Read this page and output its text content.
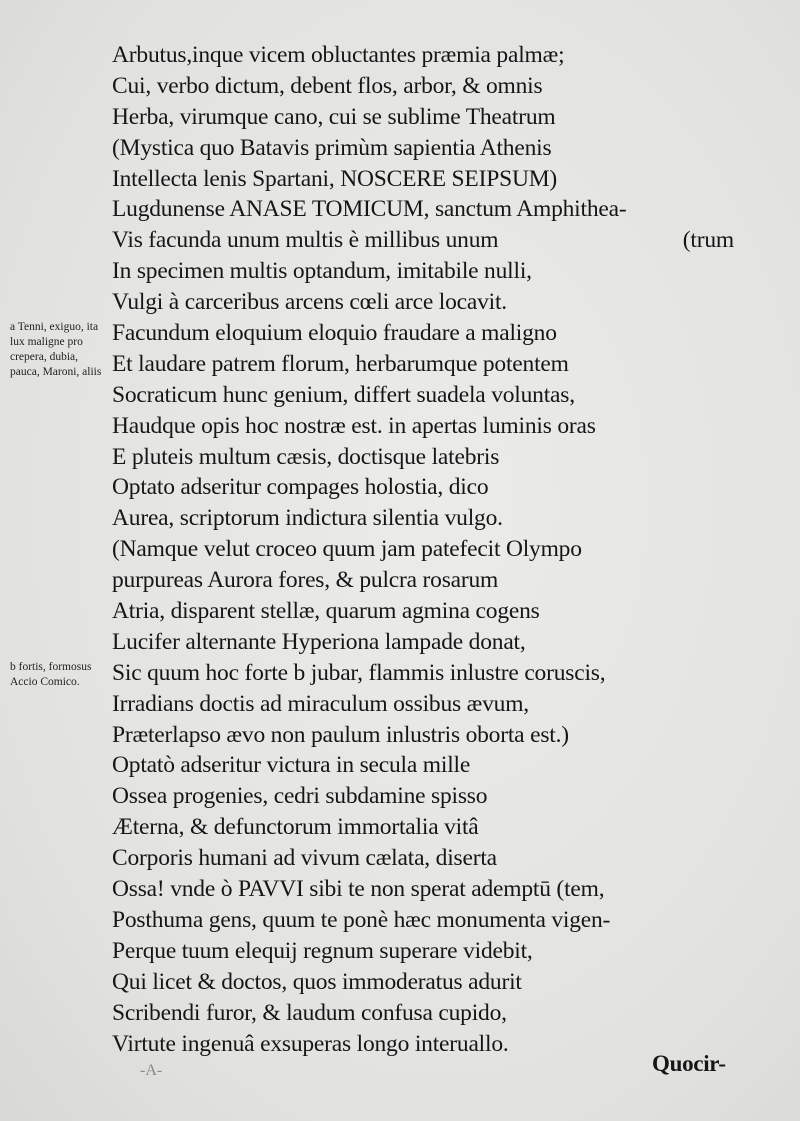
Arbutus,inque vicem obluctantes præmia palmæ;
Cui, verbo dictum, debent flos, arbor, & omnis
Herba, virumque cano, cui se sublime Theatrum
(Mystica quo Batavis primùm sapientia Athenis
Intellecta lenis Spartani, NOSCERE SEIPSUM)
Lugdunense ANASE TOMICUM, sanctum Amphithea-
Vis facunda unum multis è millibus unum	(trum
In specimen multis optandum, imitabile nulli,
Vulgi à carceribus arcens cœli arce locavit.
Facundum eloquium eloquio fraudare a maligno
Et laudare patrem florum, herbarumque potentem
Socraticum hunc genium, differt suadela voluntas,
Haudque opis hoc nostræ est. in apertas luminis oras
E pluteis multum cæsis, doctisque latebris
Optato adseritur compages holostia, dico
Aurea, scriptorum indictura silentia vulgo.
(Namque velut croceo quum jam patefecit Olympo
purpureas Aurora fores, & pulcra rosarum
Atria, disparent stellæ, quarum agmina cogens
Lucifer alternante Hyperiona lampade donat,
Sic quum hoc forte b jubar, flammis inlustre coruscis,
Irradians doctis ad miraculum ossibus ævum,
Præterlapso ævo non paulum inlustris oborta est.)
Optatò adseritur victura in secula mille
Ossea progenies, cedri subdamine spisso
Æterna, & defunctorum immortalia vitâ
Corporis humani ad vivum cælata, diserta
Ossa! vnde ò PAVVI sibi te non sperat ademptū (tem,
Posthuma gens, quum te ponè hæc monumenta vigen-
Perque tuum elequij regnum superare videbit,
Qui licet & doctos, quos immoderatus adurit
Scribendi furor, & laudum confusa cupido,
Virtute ingenuâ exsuperas longo interuallo.
a Tenni, exiguo, ita lux maligne pro crepera, dubia, pauca, Maroni, aliis
b fortis, formosus Accio Comico.
Quocir-
-A-
